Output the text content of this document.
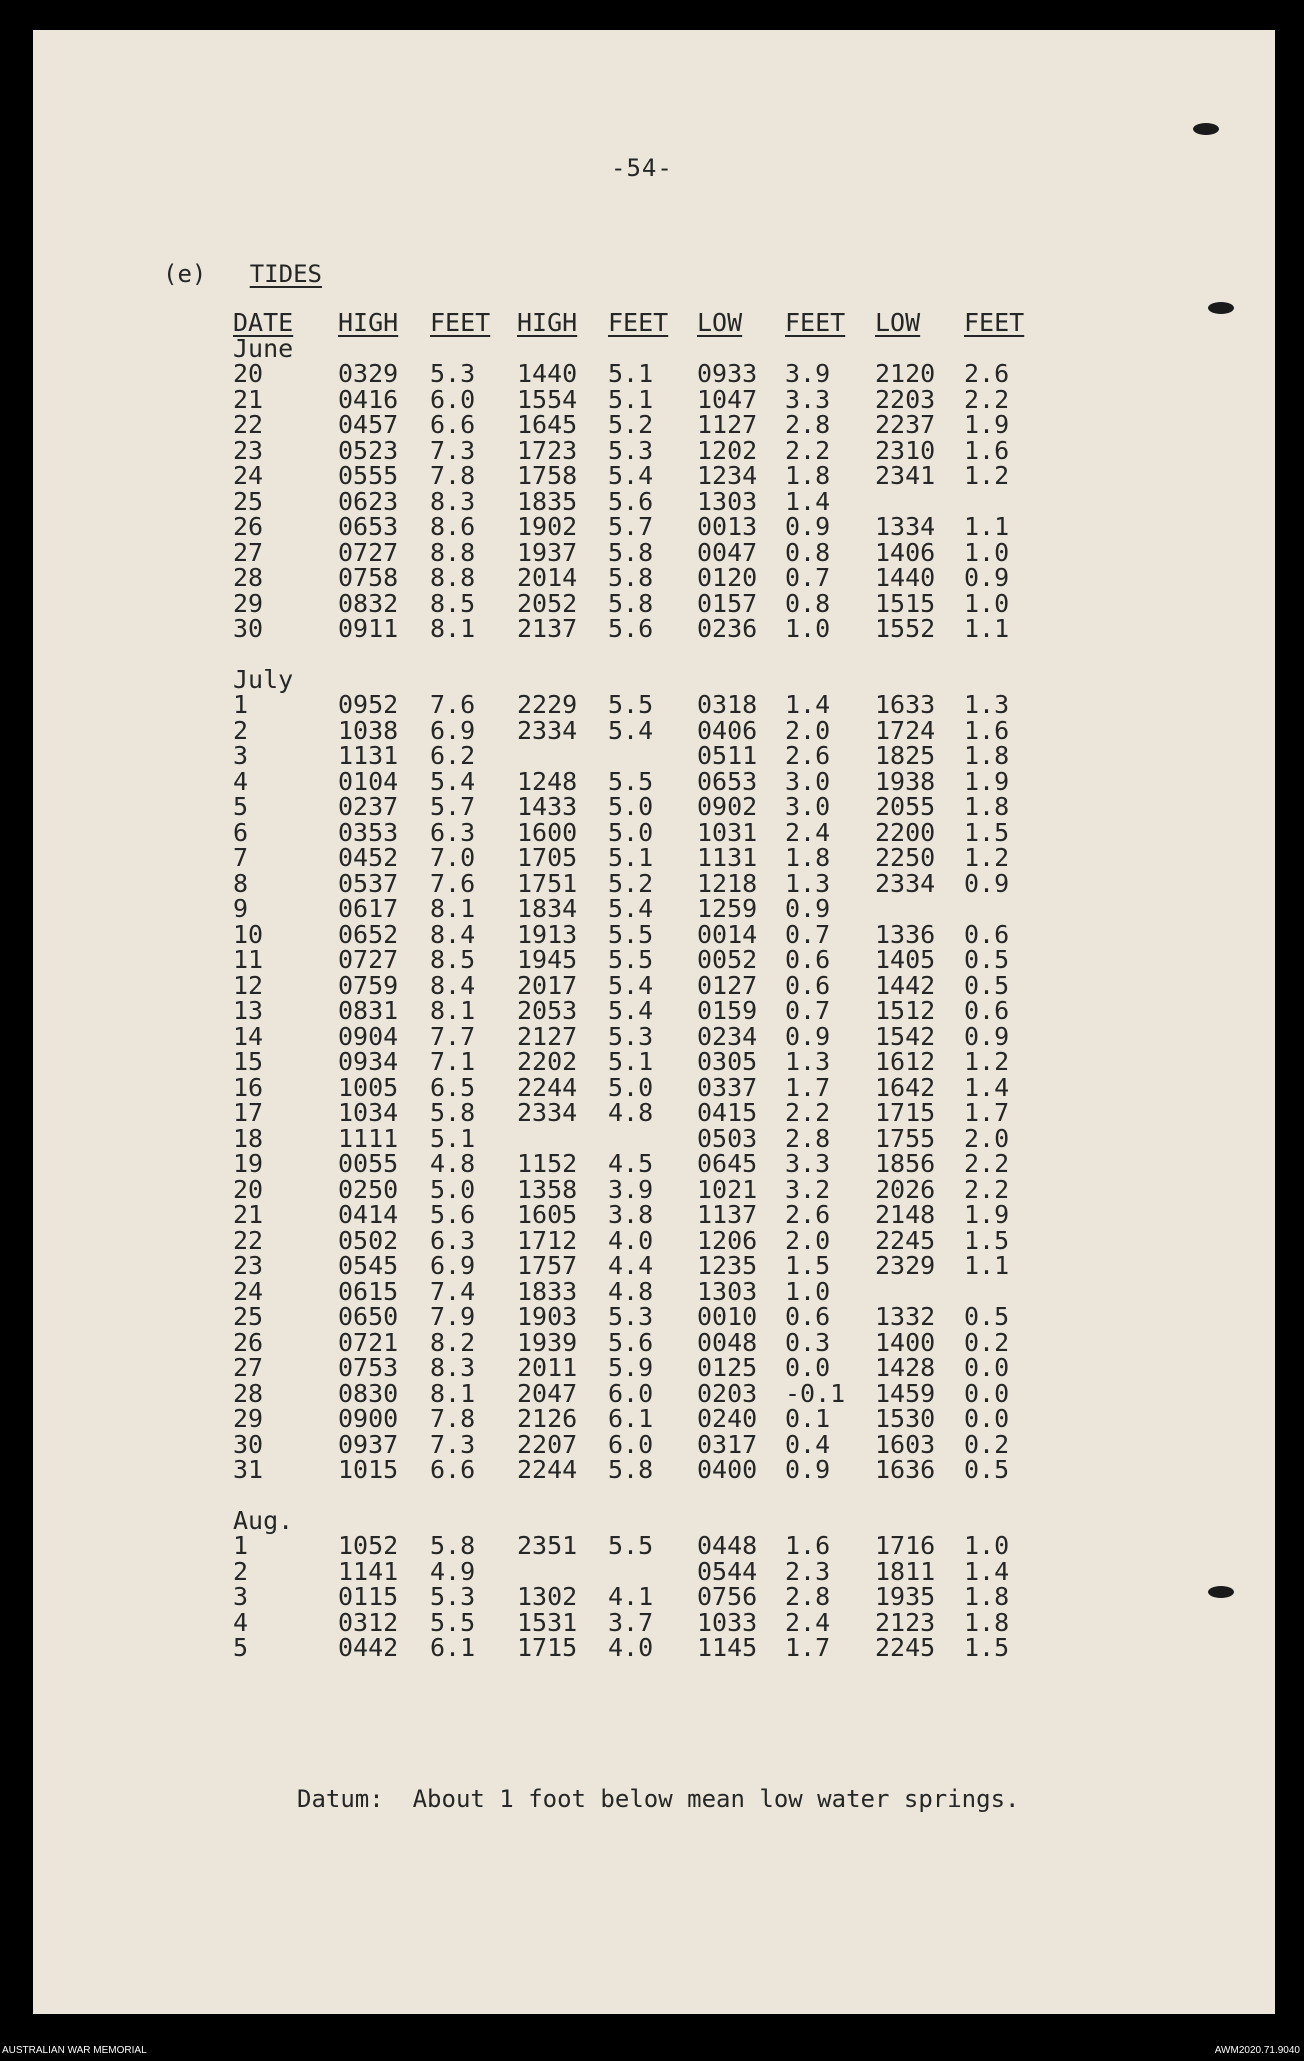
-54-
(e) TIDES
DATE	HIGH	FEET	HIGH	FEET	LOW	FEET	LOW	FEET
June								
20	0329	5.3	1440	5.1	0933	3.9	2120	2.6
21	0416	6.0	1554	5.1	1047	3.3	2203	2.2
22	0457	6.6	1645	5.2	1127	2.8	2237	1.9
23	0523	7.3	1723	5.3	1202	2.2	2310	1.6
24	0555	7.8	1758	5.4	1234	1.8	2341	1.2
25	0623	8.3	1835	5.6	1303	1.4		
26	0653	8.6	1902	5.7	0013	0.9	1334	1.1
27	0727	8.8	1937	5.8	0047	0.8	1406	1.0
28	0758	8.8	2014	5.8	0120	0.7	1440	0.9
29	0832	8.5	2052	5.8	0157	0.8	1515	1.0
30	0911	8.1	2137	5.6	0236	1.0	1552	1.1

July								
1	0952	7.6	2229	5.5	0318	1.4	1633	1.3
2	1038	6.9	2334	5.4	0406	2.0	1724	1.6
3	1131	6.2			0511	2.6	1825	1.8
4	0104	5.4	1248	5.5	0653	3.0	1938	1.9
5	0237	5.7	1433	5.0	0902	3.0	2055	1.8
6	0353	6.3	1600	5.0	1031	2.4	2200	1.5
7	0452	7.0	1705	5.1	1131	1.8	2250	1.2
8	0537	7.6	1751	5.2	1218	1.3	2334	0.9
9	0617	8.1	1834	5.4	1259	0.9		
10	0652	8.4	1913	5.5	0014	0.7	1336	0.6
11	0727	8.5	1945	5.5	0052	0.6	1405	0.5
12	0759	8.4	2017	5.4	0127	0.6	1442	0.5
13	0831	8.1	2053	5.4	0159	0.7	1512	0.6
14	0904	7.7	2127	5.3	0234	0.9	1542	0.9
15	0934	7.1	2202	5.1	0305	1.3	1612	1.2
16	1005	6.5	2244	5.0	0337	1.7	1642	1.4
17	1034	5.8	2334	4.8	0415	2.2	1715	1.7
18	1111	5.1			0503	2.8	1755	2.0
19	0055	4.8	1152	4.5	0645	3.3	1856	2.2
20	0250	5.0	1358	3.9	1021	3.2	2026	2.2
21	0414	5.6	1605	3.8	1137	2.6	2148	1.9
22	0502	6.3	1712	4.0	1206	2.0	2245	1.5
23	0545	6.9	1757	4.4	1235	1.5	2329	1.1
24	0615	7.4	1833	4.8	1303	1.0		
25	0650	7.9	1903	5.3	0010	0.6	1332	0.5
26	0721	8.2	1939	5.6	0048	0.3	1400	0.2
27	0753	8.3	2011	5.9	0125	0.0	1428	0.0
28	0830	8.1	2047	6.0	0203	-0.1	1459	0.0
29	0900	7.8	2126	6.1	0240	0.1	1530	0.0
30	0937	7.3	2207	6.0	0317	0.4	1603	0.2
31	1015	6.6	2244	5.8	0400	0.9	1636	0.5

Aug.								
1	1052	5.8	2351	5.5	0448	1.6	1716	1.0
2	1141	4.9			0544	2.3	1811	1.4
3	0115	5.3	1302	4.1	0756	2.8	1935	1.8
4	0312	5.5	1531	3.7	1033	2.4	2123	1.8
5	0442	6.1	1715	4.0	1145	1.7	2245	1.5
Datum:  About 1 foot below mean low water springs.
AUSTRALIAN WAR MEMORIAL	AWM2020.71.9040
